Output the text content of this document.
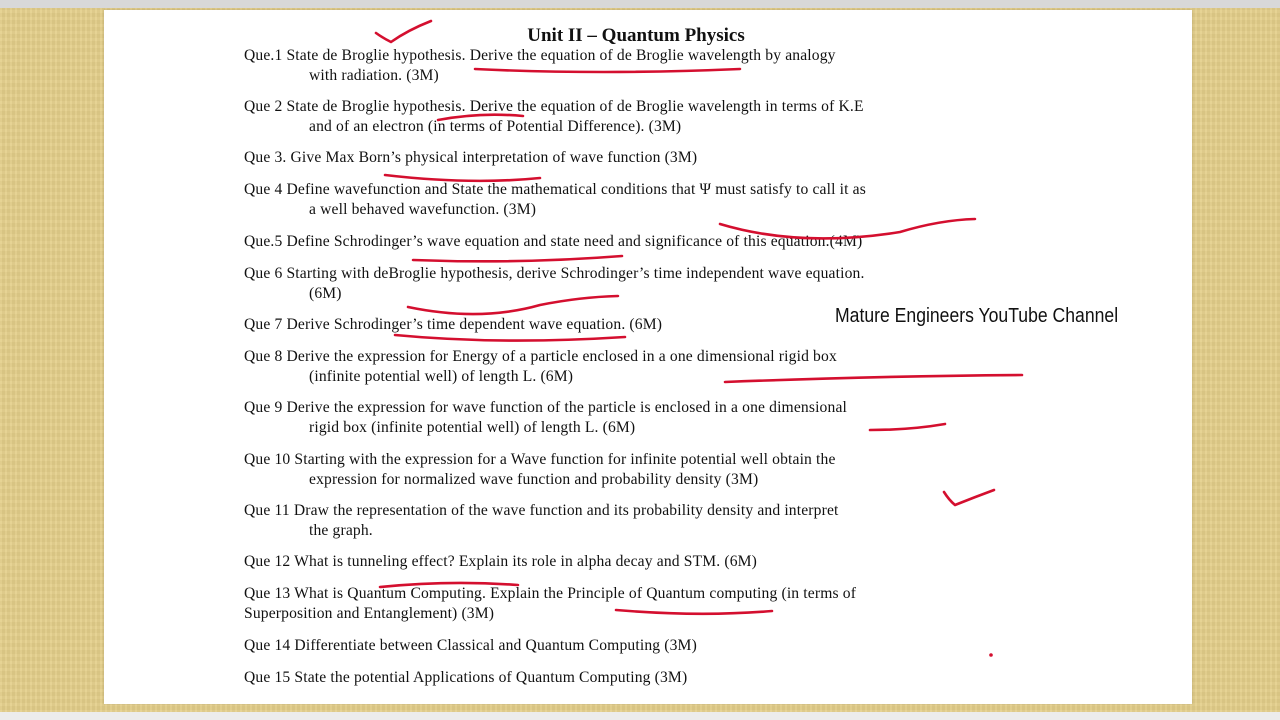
Unit II – Quantum Physics
Que.1 State de Broglie hypothesis. Derive the equation of de Broglie wavelength by analogy
with radiation. (3M)
Que 2 State de Broglie hypothesis. Derive the equation of de Broglie wavelength in terms of K.E
and of an electron (in terms of Potential Difference). (3M)
Que 3. Give Max Born’s physical interpretation of wave function (3M)
Que 4 Define wavefunction and State the mathematical conditions that Ψ must satisfy to call it as
a well behaved wavefunction. (3M)
Que.5 Define Schrodinger’s wave equation and state need and significance of this equation.(4M)
Que 6 Starting with deBroglie hypothesis, derive Schrodinger’s time independent wave equation.
(6M)
Que 7 Derive Schrodinger’s time dependent wave equation. (6M)
Que 8 Derive the expression for Energy of a particle enclosed in a one dimensional rigid box
(infinite potential well) of length L. (6M)
Que 9 Derive the expression for wave function of the particle is enclosed in a one dimensional
rigid box (infinite potential well) of length L. (6M)
Que 10 Starting with the expression for a Wave function for infinite potential well obtain the
expression for normalized wave function and probability density (3M)
Que 11 Draw the representation of the wave function and its probability density and interpret
the graph.
Que 12 What is tunneling effect? Explain its role in alpha decay and STM. (6M)
Que 13 What is Quantum Computing. Explain the Principle of Quantum computing (in terms of
Superposition and Entanglement) (3M)
Que 14 Differentiate between Classical and Quantum Computing (3M)
Que 15 State the potential Applications of Quantum Computing (3M)
Mature Engineers YouTube Channel
